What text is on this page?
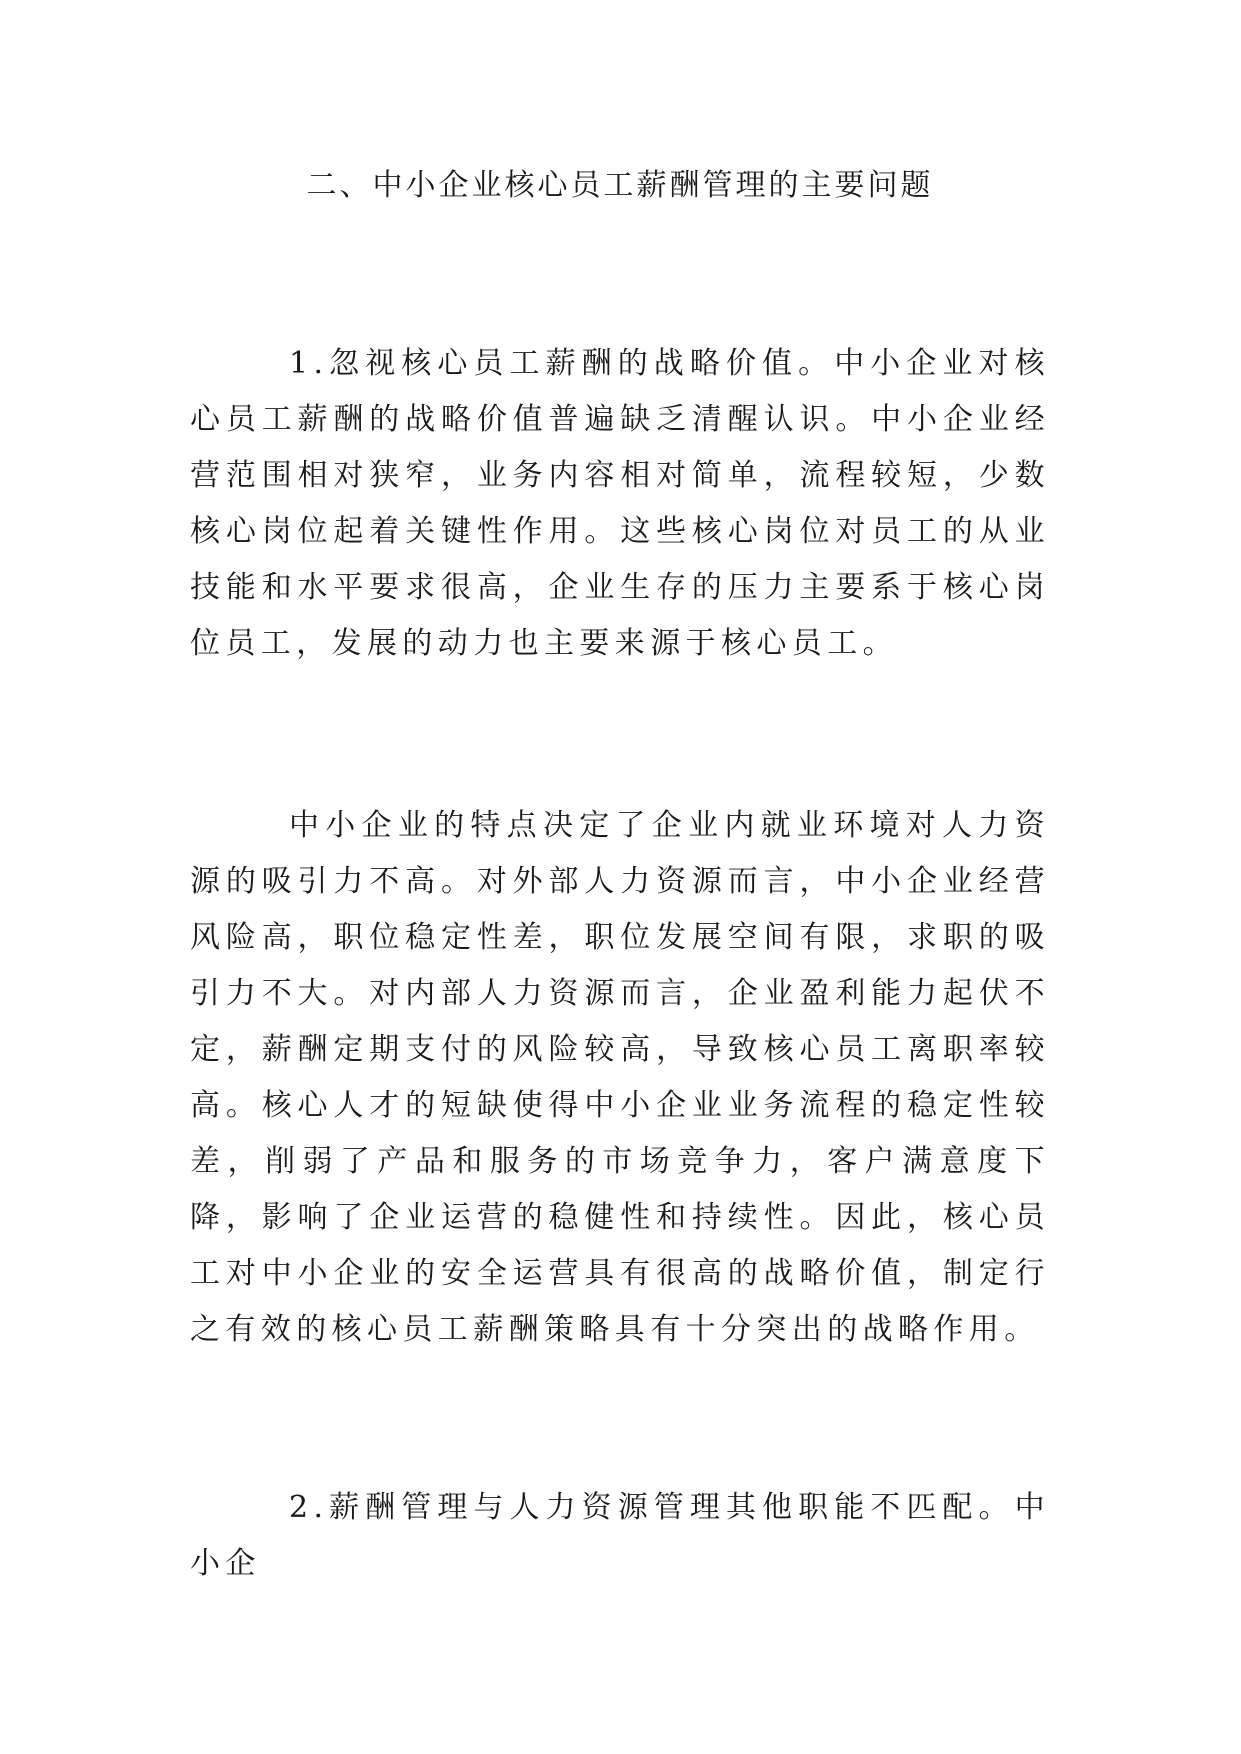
二、中小企业核心员工薪酬管理的主要问题

1.忽视核心员工薪酬的战略价值。中小企业对核心员工薪酬的战略价值普遍缺乏清醒认识。中小企业经营范围相对狭窄，业务内容相对简单，流程较短，少数核心岗位起着关键性作用。这些核心岗位对员工的从业技能和水平要求很高，企业生存的压力主要系于核心岗位员工，发展的动力也主要来源于核心员工。

中小企业的特点决定了企业内就业环境对人力资源的吸引力不高。对外部人力资源而言，中小企业经营风险高，职位稳定性差，职位发展空间有限，求职的吸引力不大。对内部人力资源而言，企业盈利能力起伏不定，薪酬定期支付的风险较高，导致核心员工离职率较高。核心人才的短缺使得中小企业业务流程的稳定性较差，削弱了产品和服务的市场竞争力，客户满意度下降，影响了企业运营的稳健性和持续性。因此，核心员工对中小企业的安全运营具有很高的战略价值，制定行之有效的核心员工薪酬策略具有十分突出的战略作用。

2.薪酬管理与人力资源管理其他职能不匹配。中小企
